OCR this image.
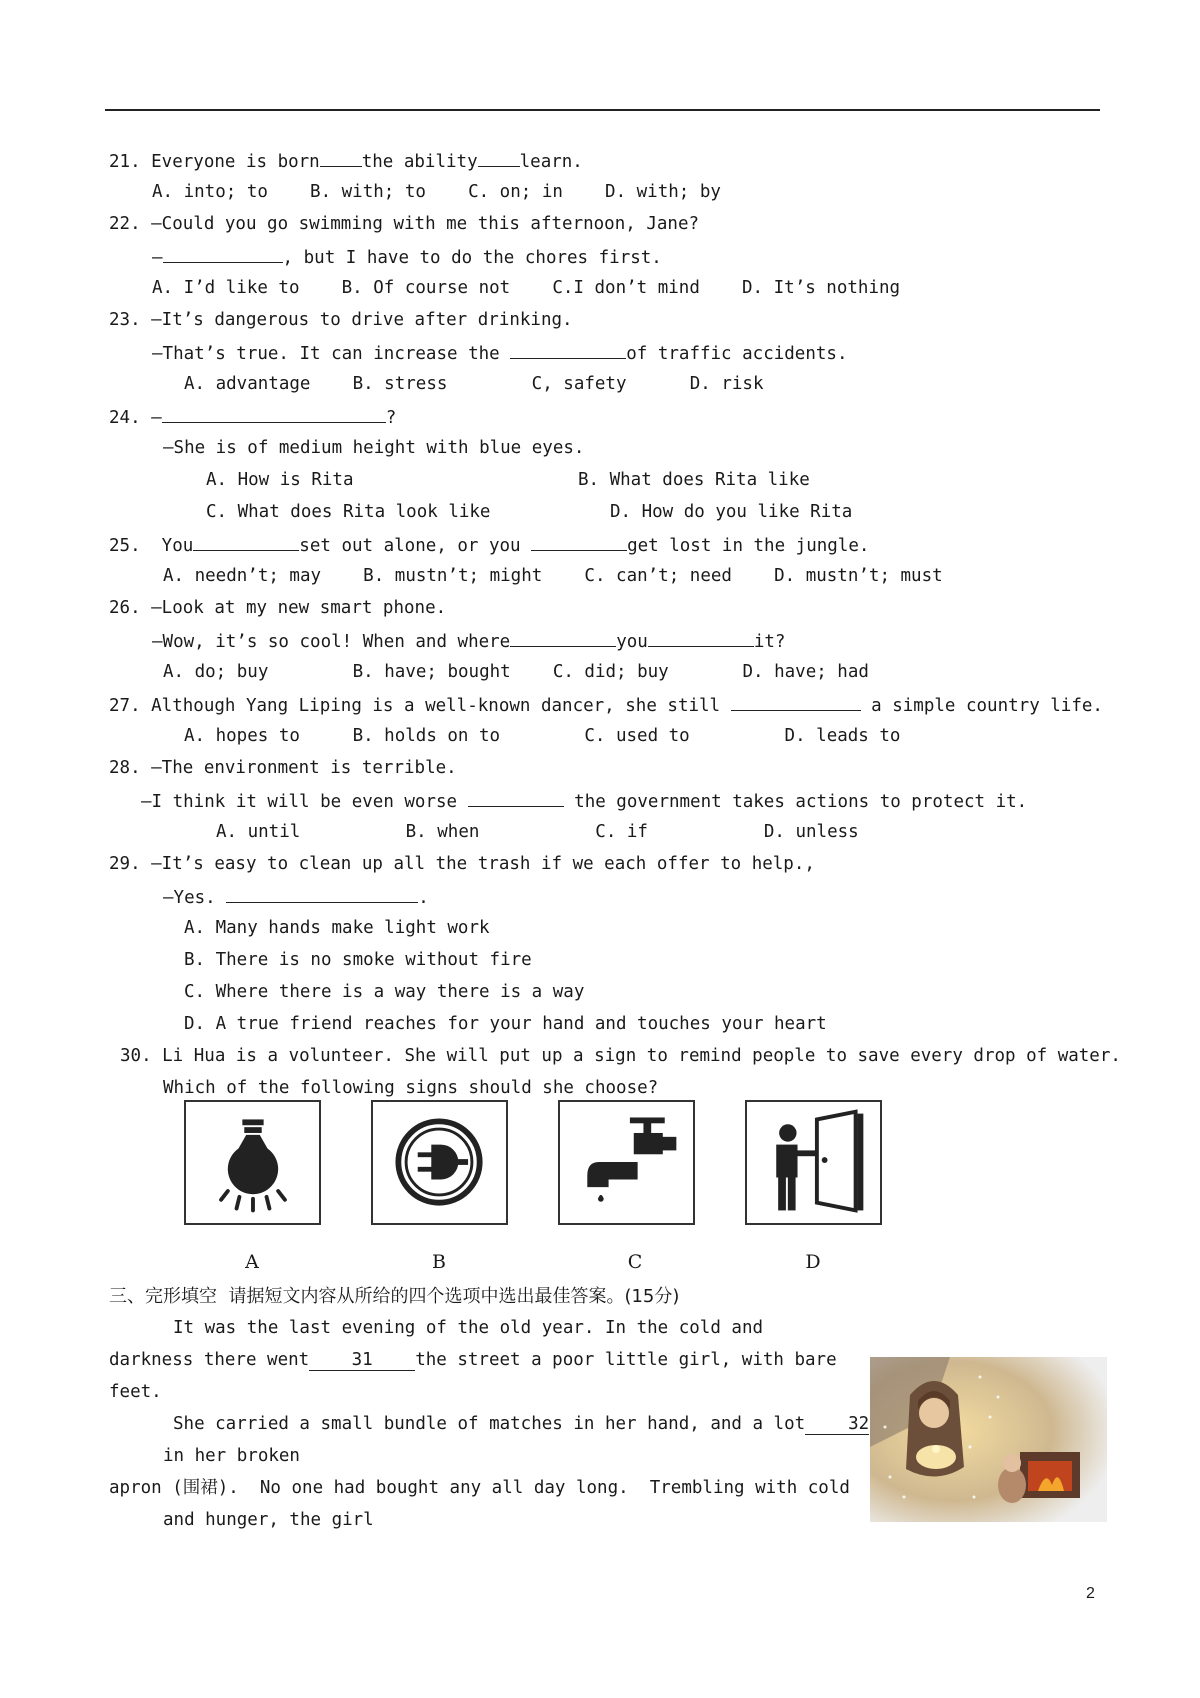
21. Everyone is born the ability learn.
A. into; to    B. with; to    C. on; in    D. with; by
22. —Could you go swimming with me this afternoon, Jane?
—	, but I have to do the chores first.
A. I’d like to    B. Of course not    C.I don’t mind    D. It’s nothing
23. —It’s dangerous to drive after drinking.
—That’s true. It can increase the	of traffic accidents.
A. advantage    B. stress        C, safety      D. risk
24. —	?
—She is of medium height with blue eyes.
A. How is Rita	B. What does Rita like
C. What does Rita look like	D. How do you like Rita
25.  You	set out alone, or you	get lost in the jungle.
A. needn’t; may    B. mustn’t; might    C. can’t; need    D. mustn’t; must
26. —Look at my new smart phone.
—Wow, it’s so cool! When and where	you	it?
A. do; buy        B. have; bought    C. did; buy       D. have; had
27. Although Yang Liping is a well-known dancer, she still	a simple country life.
A. hopes to     B. holds on to        C. used to         D. leads to
28. —The environment is terrible.
—I think it will be even worse	the government takes actions to protect it.
A. until          B. when           C. if           D. unless
29. —It’s easy to clean up all the trash if we each offer to help.,
—Yes.	.
A. Many hands make light work
B. There is no smoke without fire
C. Where there is a way there is a way
D. A true friend reaches for your hand and touches your heart
30. Li Hua is a volunteer. She will put up a sign to remind people to save every drop of water.
Which of the following signs should she choose?
A	B	C	D
三、完形填空  请据短文内容从所给的四个选项中选出最佳答案。(15分)
It was the last evening of the old year. In the cold and
darkness there went 31 the street a poor little girl, with bare
feet.
She carried a small bundle of matches in her hand, and a lot 32
in her broken
apron (围裙).  No one had bought any all day long.  Trembling with cold
and hunger, the girl
2
